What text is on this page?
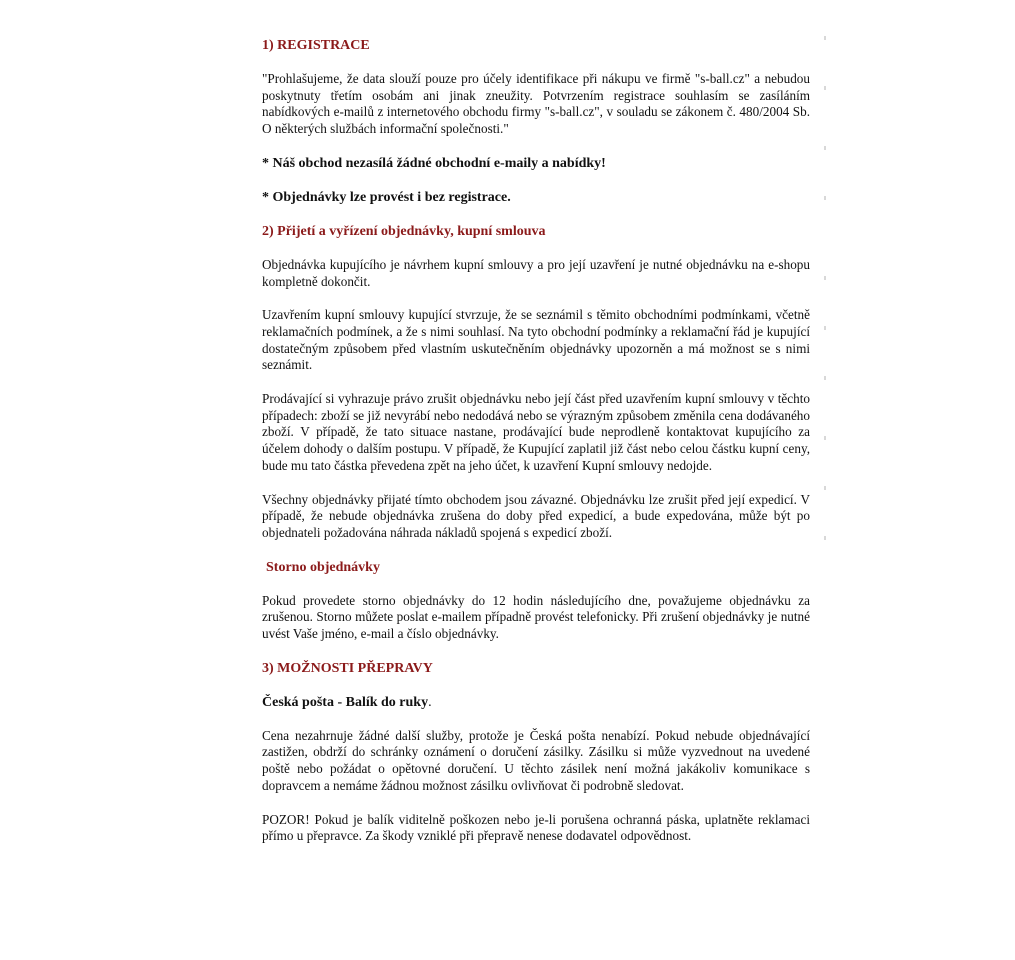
1) REGISTRACE

"Prohlašujeme, že data slouží pouze pro účely identifikace při nákupu ve firmě "s-ball.cz" a nebudou poskytnuty třetím osobám ani jinak zneužity. Potvrzením registrace souhlasím se zasíláním nabídkových e-mailů z internetového obchodu firmy "s-ball.cz", v souladu se zákonem č. 480/2004 Sb. O některých službách informační společnosti."

* Náš obchod nezasílá žádné obchodní e-maily a nabídky!

* Objednávky lze provést i bez registrace.

2) Přijetí a vyřízení objednávky, kupní smlouva

Objednávka kupujícího je návrhem kupní smlouvy a pro její uzavření je nutné objednávku na e-shopu kompletně dokončit.

Uzavřením kupní smlouvy kupující stvrzuje, že se seznámil s těmito obchodními podmínkami, včetně reklamačních podmínek, a že s nimi souhlasí. Na tyto obchodní podmínky a reklamační řád je kupující dostatečným způsobem před vlastním uskutečněním objednávky upozorněn a má možnost se s nimi seznámit.

Prodávající si vyhrazuje právo zrušit objednávku nebo její část před uzavřením kupní smlouvy v těchto případech: zboží se již nevyrábí nebo nedodává nebo se výrazným způsobem změnila cena dodávaného zboží. V případě, že tato situace nastane, prodávající bude neprodleně kontaktovat kupujícího za účelem dohody o dalším postupu. V případě, že Kupující zaplatil již část nebo celou částku kupní ceny, bude mu tato částka převedena zpět na jeho účet, k uzavření Kupní smlouvy nedojde.

Všechny objednávky přijaté tímto obchodem jsou závazné. Objednávku lze zrušit před její expedicí. V případě, že nebude objednávka zrušena do doby před expedicí, a bude expedována, může být po objednateli požadována náhrada nákladů spojená s expedicí zboží.

Storno objednávky

Pokud provedete storno objednávky do 12 hodin následujícího dne, považujeme objednávku za zrušenou. Storno můžete poslat e-mailem případně provést telefonicky. Při zrušení objednávky je nutné uvést Vaše jméno, e-mail a číslo objednávky.

3) MOŽNOSTI PŘEPRAVY

Česká pošta - Balík do ruky.

Cena nezahrnuje žádné další služby, protože je Česká pošta nenabízí. Pokud nebude objednávající zastižen, obdrží do schránky oznámení o doručení zásilky. Zásilku si může vyzvednout na uvedené poště nebo požádat o opětovné doručení. U těchto zásilek není možná jakákoliv komunikace s dopravcem a nemáme žádnou možnost zásilku ovlivňovat či podrobně sledovat.

POZOR! Pokud je balík viditelně poškozen nebo je-li porušena ochranná páska, uplatněte reklamaci přímo u přepravce. Za škody vzniklé při přepravě nenese dodavatel odpovědnost.
